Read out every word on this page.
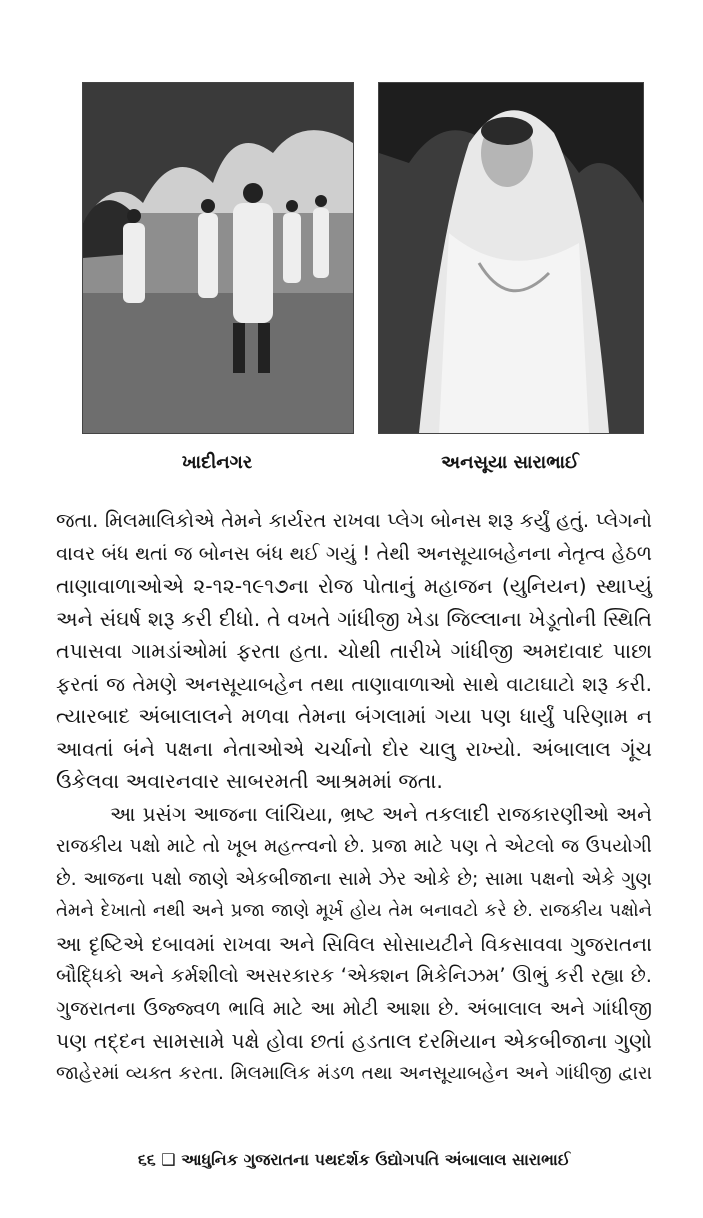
ખાદીનગર	અનસૂયા સારાભાઈ

જતા. મિલમાલિકોએ તેમને કાર્યરત રાખવા પ્લેગ બોનસ શરૂ કર્યું હતું. પ્લેગનો
વાવર બંધ થતાં જ બોનસ બંધ થઈ ગયું ! તેથી અનસૂયાબહેનના નેતૃત્વ હેઠળ
તાણાવાળાઓએ ૨-૧૨-૧૯૧૭ના રોજ પોતાનું મહાજન (યુનિયન) સ્થાપ્યું
અને સંઘર્ષ શરૂ કરી દીધો. તે વખતે ગાંધીજી ખેડા જિલ્લાના ખેડૂતોની સ્થિતિ
તપાસવા ગામડાંઓમાં ફરતા હતા. ચોથી તારીખે ગાંધીજી અમદાવાદ પાછા
ફરતાં જ તેમણે અનસૂયાબહેન તથા તાણાવાળાઓ સાથે વાટાઘાટો શરૂ કરી.
ત્યારબાદ અંબાલાલને મળવા તેમના બંગલામાં ગયા પણ ધાર્યું પરિણામ ન
આવતાં બંને પક્ષના નેતાઓએ ચર્ચાનો દોર ચાલુ રાખ્યો. અંબાલાલ ગૂંચ
ઉકેલવા અવારનવાર સાબરમતી આશ્રમમાં જતા.
આ પ્રસંગ આજના લાંચિયા, ભ્રષ્ટ અને તકલાદી રાજકારણીઓ અને
રાજકીય પક્ષો માટે તો ખૂબ મહત્ત્વનો છે. પ્રજા માટે પણ તે એટલો જ ઉપયોગી
છે. આજના પક્ષો જાણે એકબીજાના સામે ઝેર ઓકે છે; સામા પક્ષનો એકે ગુણ
તેમને દેખાતો નથી અને પ્રજા જાણે મૂર્ખ હોય તેમ બનાવટો કરે છે. રાજકીય પક્ષોને
આ દૃષ્ટિએ દબાવમાં રાખવા અને સિવિલ સોસાયટીને વિકસાવવા ગુજરાતના
બૌદ્ધિકો અને કર્મશીલો અસરકારક ‘એક્શન મિકેનિઝમ’ ઊભું કરી રહ્યા છે.
ગુજરાતના ઉજ્જ્વળ ભાવિ માટે આ મોટી આશા છે. અંબાલાલ અને ગાંધીજી
પણ તદ્દન સામસામે પક્ષે હોવા છતાં હડતાલ દરમિયાન એકબીજાના ગુણો
જાહેરમાં વ્યક્ત કરતા. મિલમાલિક મંડળ તથા અનસૂયાબહેન અને ગાંધીજી દ્વારા
૬૬ ❑ આધુનિક ગુજરાતના પથદર્શક ઉદ્યોગપતિ અંબાલાલ સારાભાઈ
